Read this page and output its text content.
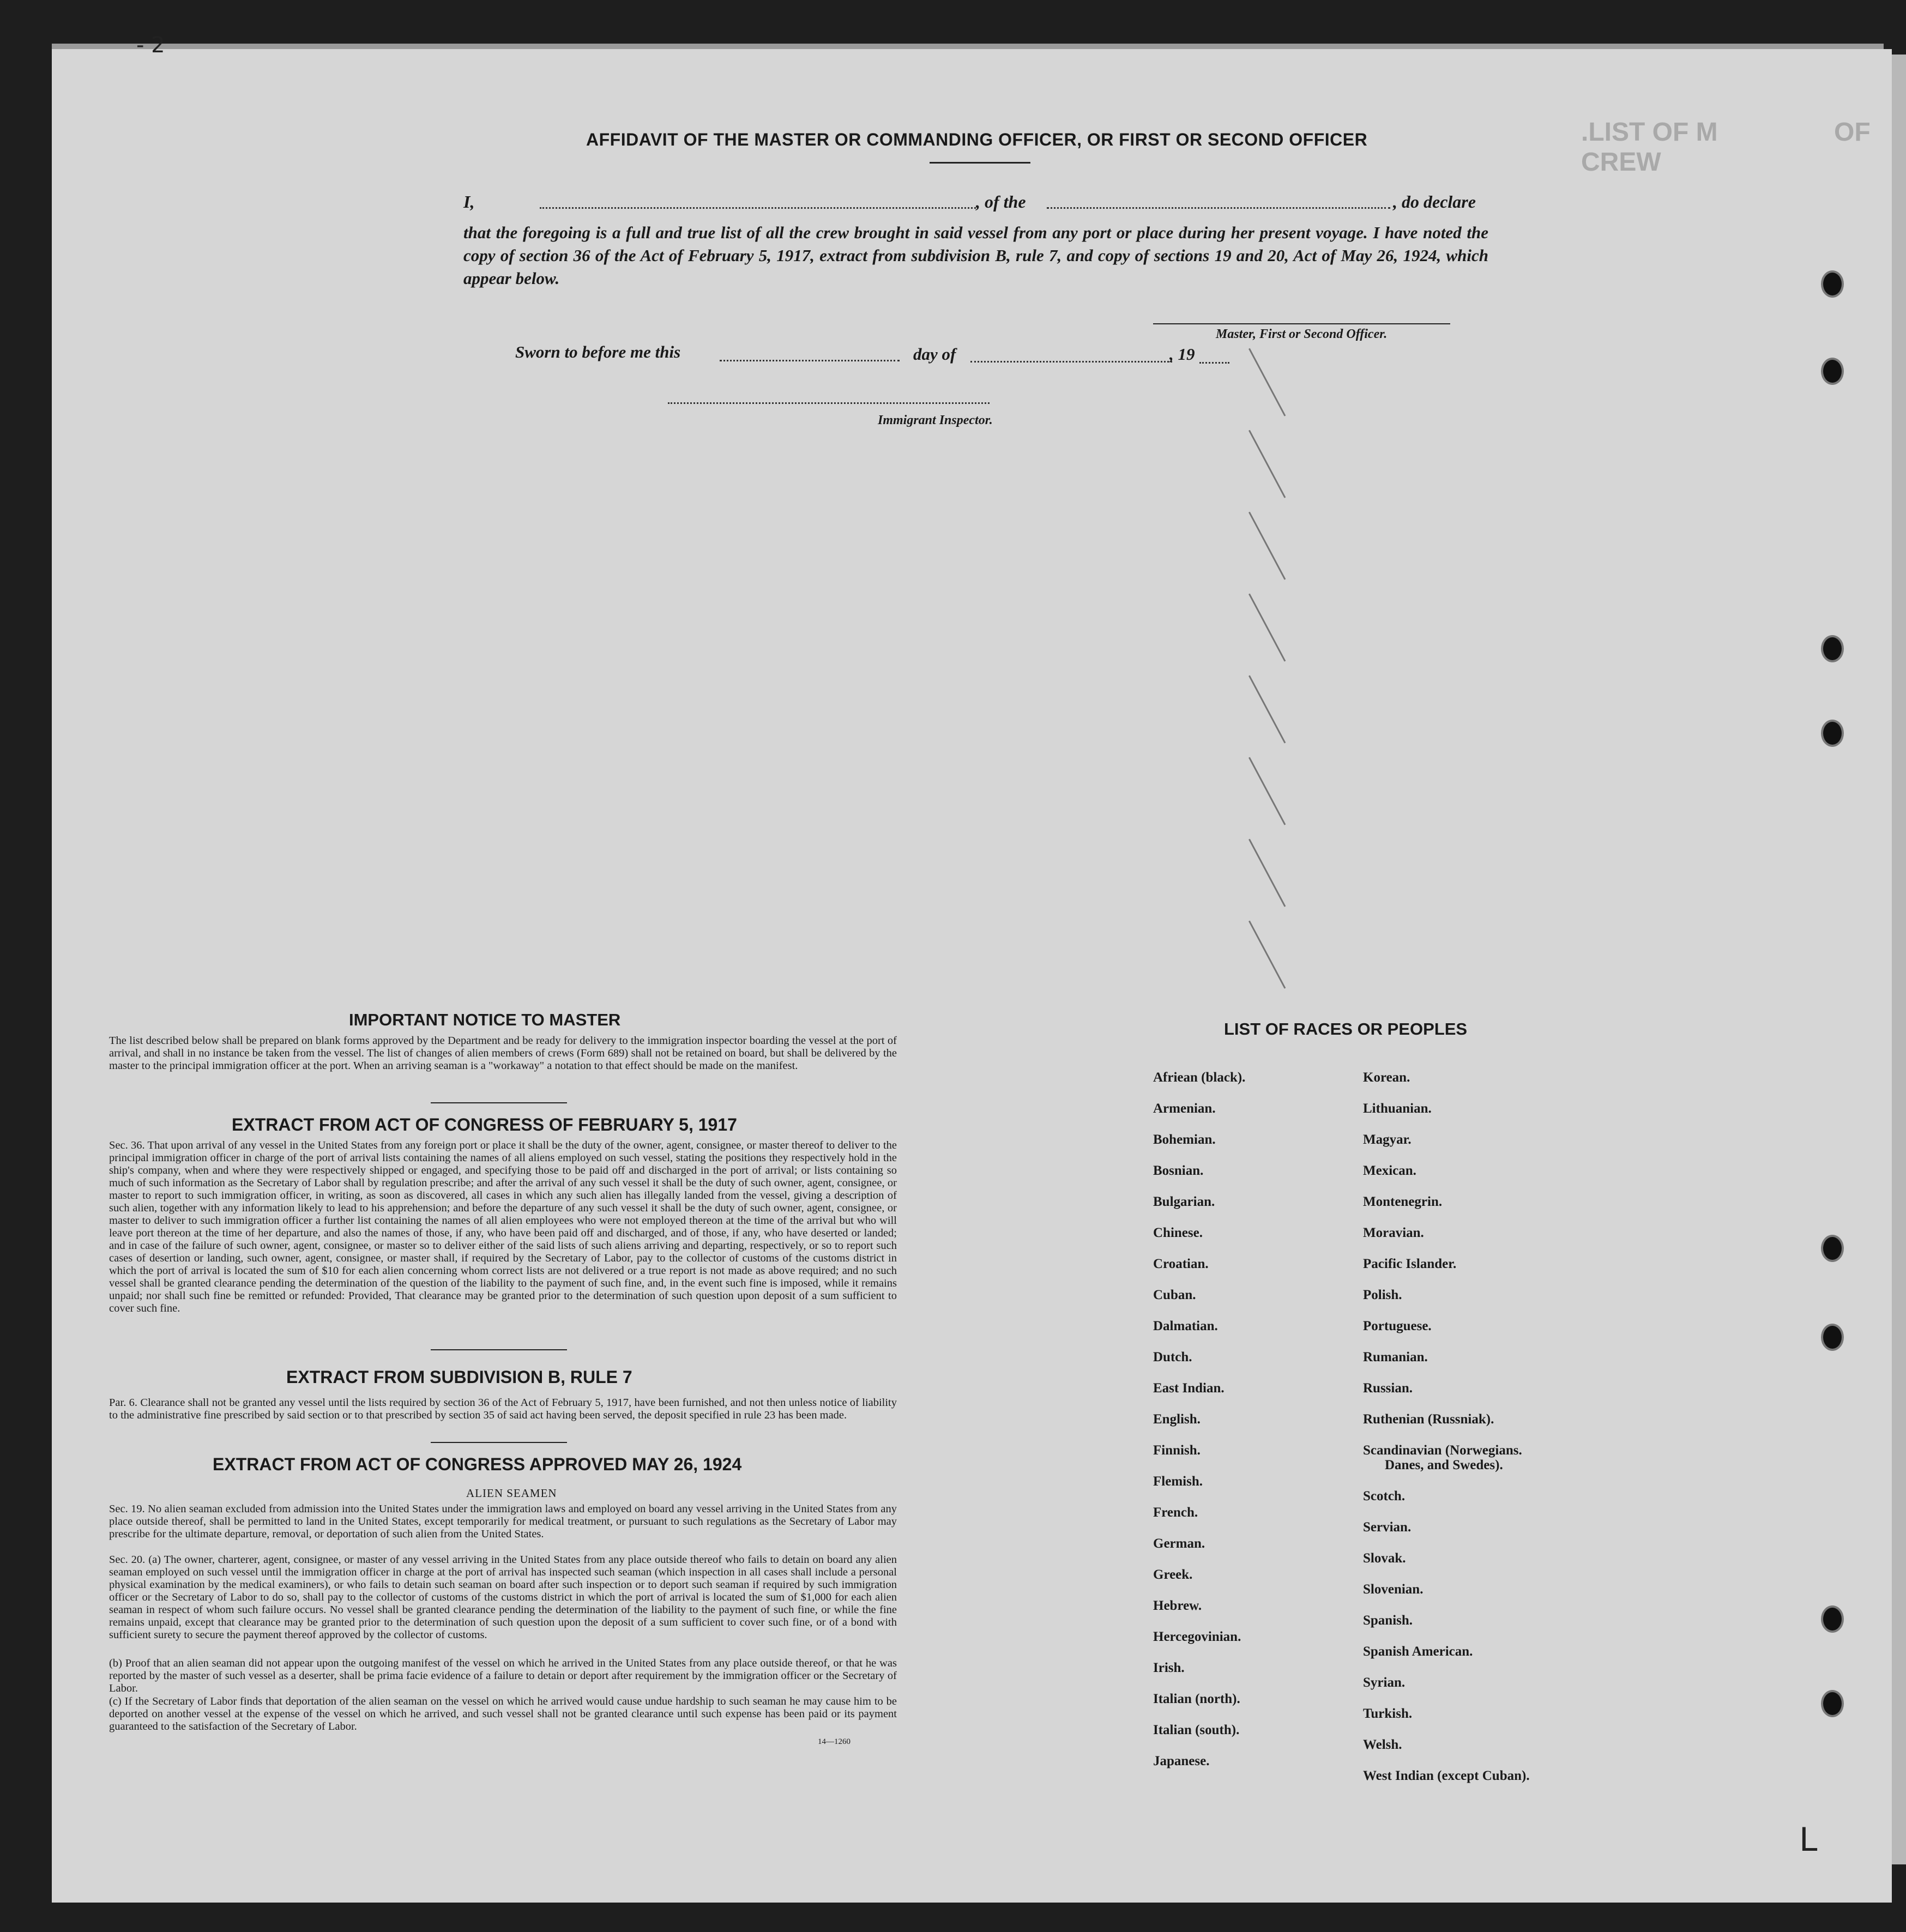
.LIST OF M                OF CREW

AFFIDAVIT OF THE MASTER OR COMMANDING OFFICER, OR FIRST OR SECOND OFFICER
I,	, of the	, do declare
that the foregoing is a full and true list of all the crew brought in said vessel from any port or place during her present voyage. I have noted the copy of section 36 of the Act of February 5, 1917, extract from subdivision B, rule 7, and copy of sections 19 and 20, Act of May 26, 1924, which appear below.
Master, First or Second Officer.
Sworn to before me this	day of	, 19
Immigrant Inspector.
IMPORTANT NOTICE TO MASTER
The list described below shall be prepared on blank forms approved by the Department and be ready for delivery to the immigration inspector boarding the vessel at the port of arrival, and shall in no instance be taken from the vessel. The list of changes of alien members of crews (Form 689) shall not be retained on board, but shall be delivered by the master to the principal immigration officer at the port. When an arriving seaman is a "workaway" a notation to that effect should be made on the manifest.
EXTRACT FROM ACT OF CONGRESS OF FEBRUARY 5, 1917
Sec. 36. That upon arrival of any vessel in the United States from any foreign port or place it shall be the duty of the owner, agent, consignee, or master thereof to deliver to the principal immigration officer in charge of the port of arrival lists containing the names of all aliens employed on such vessel, stating the positions they respectively hold in the ship's company, when and where they were respectively shipped or engaged, and specifying those to be paid off and discharged in the port of arrival; or lists containing so much of such information as the Secretary of Labor shall by regulation prescribe; and after the arrival of any such vessel it shall be the duty of such owner, agent, consignee, or master to report to such immigration officer, in writing, as soon as discovered, all cases in which any such alien has illegally landed from the vessel, giving a description of such alien, together with any information likely to lead to his apprehension; and before the departure of any such vessel it shall be the duty of such owner, agent, consignee, or master to deliver to such immigration officer a further list containing the names of all alien employees who were not employed thereon at the time of the arrival but who will leave port thereon at the time of her departure, and also the names of those, if any, who have been paid off and discharged, and of those, if any, who have deserted or landed; and in case of the failure of such owner, agent, consignee, or master so to deliver either of the said lists of such aliens arriving and departing, respectively, or so to report such cases of desertion or landing, such owner, agent, consignee, or master shall, if required by the Secretary of Labor, pay to the collector of customs of the customs district in which the port of arrival is located the sum of $10 for each alien concerning whom correct lists are not delivered or a true report is not made as above required; and no such vessel shall be granted clearance pending the determination of the question of the liability to the payment of such fine, and, in the event such fine is imposed, while it remains unpaid; nor shall such fine be remitted or refunded: Provided, That clearance may be granted prior to the determination of such question upon deposit of a sum sufficient to cover such fine.
EXTRACT FROM SUBDIVISION B, RULE 7
Par. 6. Clearance shall not be granted any vessel until the lists required by section 36 of the Act of February 5, 1917, have been furnished, and not then unless notice of liability to the administrative fine prescribed by said section or to that prescribed by section 35 of said act having been served, the deposit specified in rule 23 has been made.
EXTRACT FROM ACT OF CONGRESS APPROVED MAY 26, 1924
ALIEN SEAMEN
Sec. 19. No alien seaman excluded from admission into the United States under the immigration laws and employed on board any vessel arriving in the United States from any place outside thereof, shall be permitted to land in the United States, except temporarily for medical treatment, or pursuant to such regulations as the Secretary of Labor may prescribe for the ultimate departure, removal, or deportation of such alien from the United States.
Sec. 20. (a) The owner, charterer, agent, consignee, or master of any vessel arriving in the United States from any place outside thereof who fails to detain on board any alien seaman employed on such vessel until the immigration officer in charge at the port of arrival has inspected such seaman (which inspection in all cases shall include a personal physical examination by the medical examiners), or who fails to detain such seaman on board after such inspection or to deport such seaman if required by such immigration officer or the Secretary of Labor to do so, shall pay to the collector of customs of the customs district in which the port of arrival is located the sum of $1,000 for each alien seaman in respect of whom such failure occurs. No vessel shall be granted clearance pending the determination of the liability to the payment of such fine, or while the fine remains unpaid, except that clearance may be granted prior to the determination of such question upon the deposit of a sum sufficient to cover such fine, or of a bond with sufficient surety to secure the payment thereof approved by the collector of customs.
(b) Proof that an alien seaman did not appear upon the outgoing manifest of the vessel on which he arrived in the United States from any place outside thereof, or that he was reported by the master of such vessel as a deserter, shall be prima facie evidence of a failure to detain or deport after requirement by the immigration officer or the Secretary of Labor.
(c) If the Secretary of Labor finds that deportation of the alien seaman on the vessel on which he arrived would cause undue hardship to such seaman he may cause him to be deported on another vessel at the expense of the vessel on which he arrived, and such vessel shall not be granted clearance until such expense has been paid or its payment guaranteed to the satisfaction of the Secretary of Labor.
14—1260
LIST OF RACES OR PEOPLES
Afriean (black).
Armenian.
Bohemian.
Bosnian.
Bulgarian.
Chinese.
Croatian.
Cuban.
Dalmatian.
Dutch.
East Indian.
English.
Finnish.
Flemish.
French.
German.
Greek.
Hebrew.
Hercegovinian.
Irish.
Italian (north).
Italian (south).
Japanese.
Korean.
Lithuanian.
Magyar.
Mexican.
Montenegrin.
Moravian.
Pacific Islander.
Polish.
Portuguese.
Rumanian.
Russian.
Ruthenian (Russniak).
Scandinavian (Norwegians.
Danes, and Swedes).
Scotch.
Servian.
Slovak.
Slovenian.
Spanish.
Spanish American.
Syrian.
Turkish.
Welsh.
West Indian (except Cuban).
- 2
L
